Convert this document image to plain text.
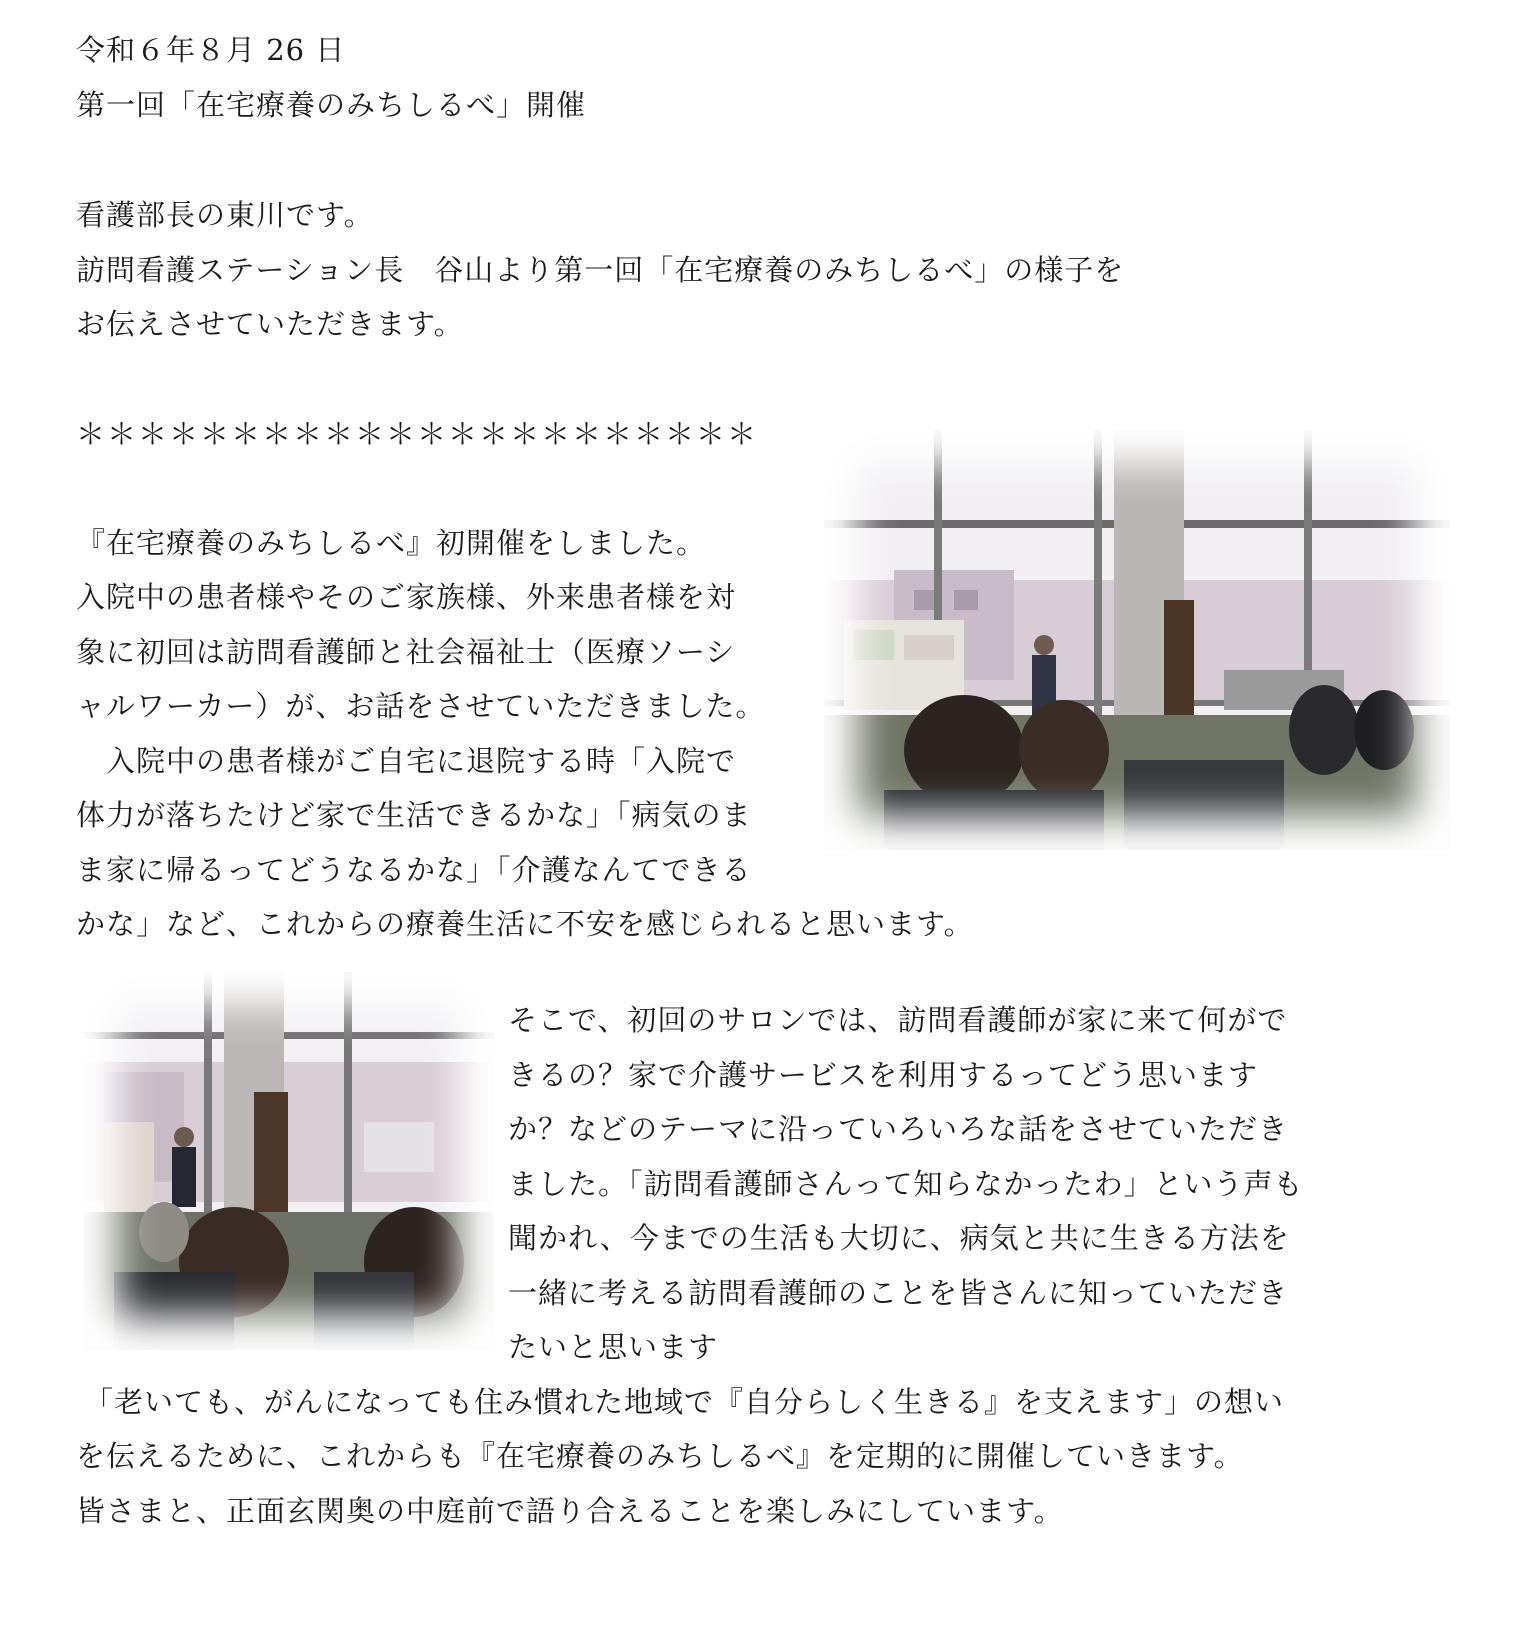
令和６年８月 26 日

第一回「在宅療養のみちしるべ」開催

看護部長の東川です。

訪問看護ステーション長　谷山より第一回「在宅療養のみちしるべ」の様子を

お伝えさせていただきます。

＊＊＊＊＊＊＊＊＊＊＊＊＊＊＊＊＊＊＊＊＊＊

『在宅療養のみちしるべ』初開催をしました。

入院中の患者様やそのご家族様、外来患者様を対

象に初回は訪問看護師と社会福祉士（医療ソーシ

ャルワーカー）が、お話をさせていただきました。

　入院中の患者様がご自宅に退院する時「入院で

体力が落ちたけど家で生活できるかな」「病気のま

ま家に帰るってどうなるかな」「介護なんてできる

かな」など、これからの療養生活に不安を感じられると思います。

そこで、初回のサロンでは、訪問看護師が家に来て何がで

きるの？家で介護サービスを利用するってどう思います

か？などのテーマに沿っていろいろな話をさせていただき

ました。「訪問看護師さんって知らなかったわ」という声も

聞かれ、今までの生活も大切に、病気と共に生きる方法を

一緒に考える訪問看護師のことを皆さんに知っていただき

たいと思います

「老いても、がんになっても住み慣れた地域で『自分らしく生きる』を支えます」の想い

を伝えるために、これからも『在宅療養のみちしるべ』を定期的に開催していきます。

皆さまと、正面玄関奥の中庭前で語り合えることを楽しみにしています。
